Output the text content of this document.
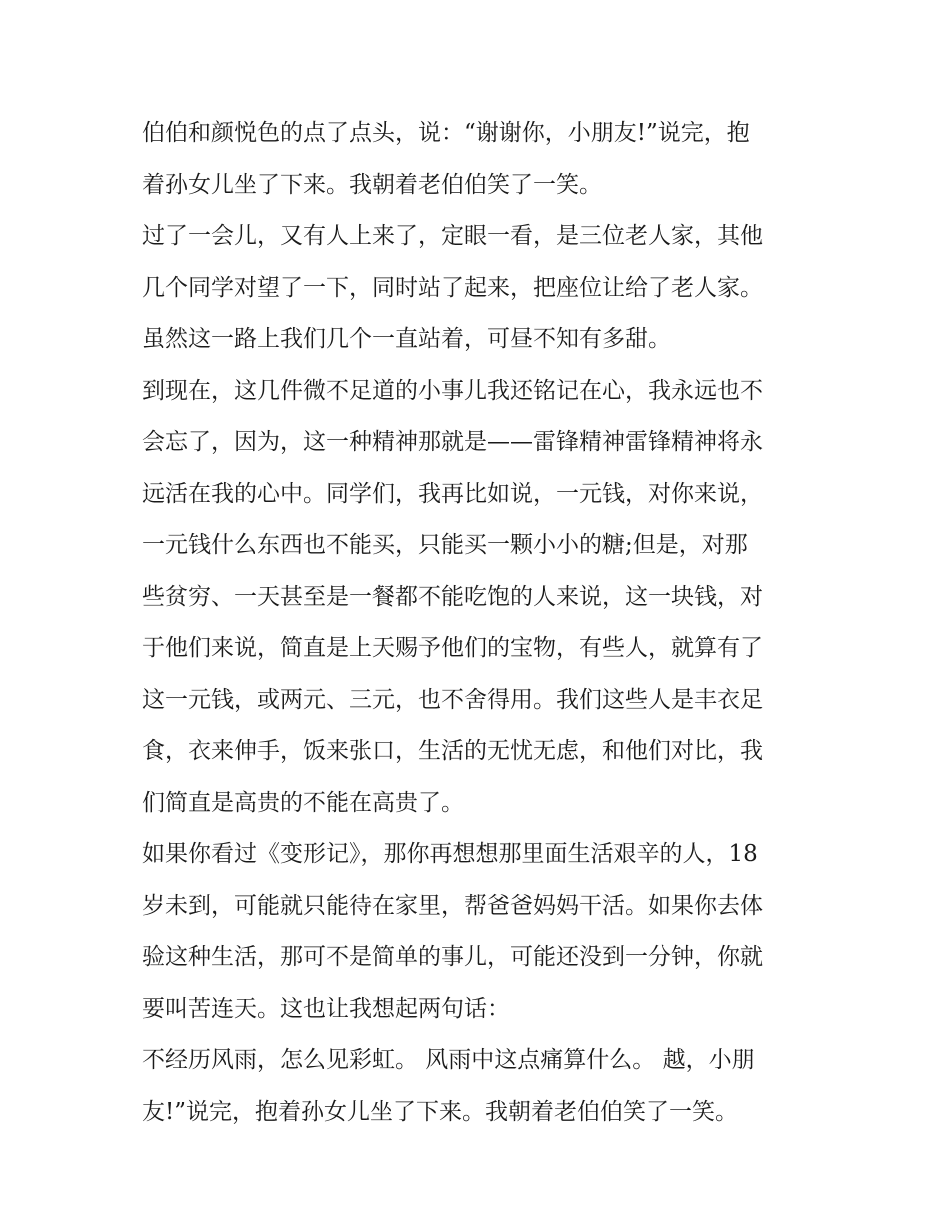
伯伯和颜悦色的点了点头，说：“谢谢你，小朋友!”说完，抱
着孙女儿坐了下来。我朝着老伯伯笑了一笑。
过了一会儿，又有人上来了，定眼一看，是三位老人家，其他
几个同学对望了一下，同时站了起来，把座位让给了老人家。
虽然这一路上我们几个一直站着，可昼不知有多甜。
到现在，这几件微不足道的小事儿我还铭记在心，我永远也不
会忘了，因为，这一种精神那就是——雷锋精神雷锋精神将永
远活在我的心中。同学们，我再比如说，一元钱，对你来说，
一元钱什么东西也不能买，只能买一颗小小的糖;但是，对那
些贫穷、一天甚至是一餐都不能吃饱的人来说，这一块钱，对
于他们来说，简直是上天赐予他们的宝物，有些人，就算有了
这一元钱，或两元、三元，也不舍得用。我们这些人是丰衣足
食，衣来伸手，饭来张口，生活的无忧无虑，和他们对比，我
们简直是高贵的不能在高贵了。
如果你看过《变形记》，那你再想想那里面生活艰辛的人，18
岁未到，可能就只能待在家里，帮爸爸妈妈干活。如果你去体
验这种生活，那可不是简单的事儿，可能还没到一分钟，你就
要叫苦连天。这也让我想起两句话：
不经历风雨，怎么见彩虹。 风雨中这点痛算什么。 越，小朋
友!”说完，抱着孙女儿坐了下来。我朝着老伯伯笑了一笑。
